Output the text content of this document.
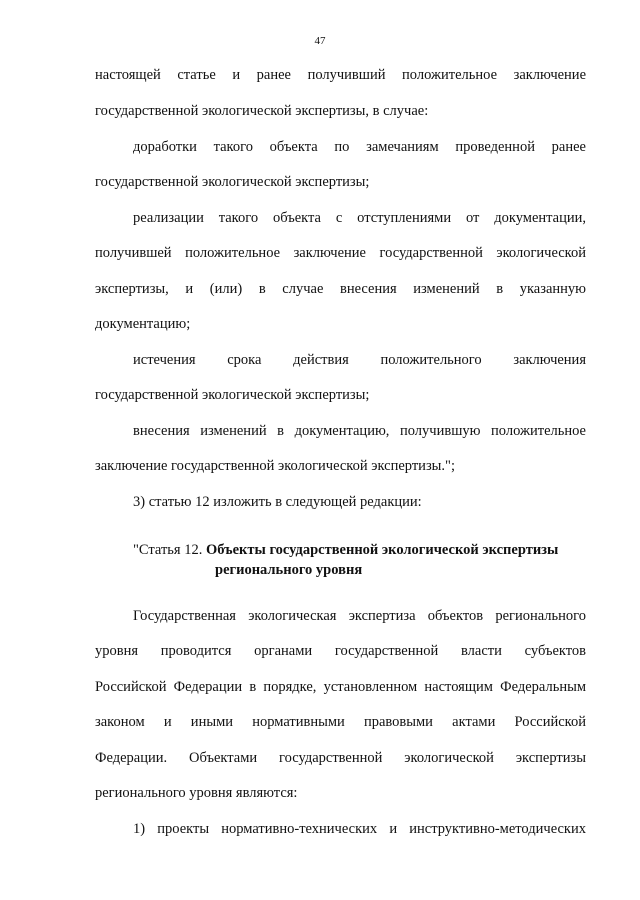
47
настоящей статье и ранее получивший положительное заключение
государственной экологической экспертизы, в случае:
доработки такого объекта по замечаниям проведенной ранее
государственной экологической экспертизы;
реализации такого объекта с отступлениями от документации,
получившей положительное заключение государственной экологической
экспертизы, и (или) в случае внесения изменений в указанную
документацию;
истечения срока действия положительного заключения
государственной экологической экспертизы;
внесения изменений в документацию, получившую положительное
заключение государственной экологической экспертизы.";
3) статью 12 изложить в следующей редакции:
"Статья 12. Объекты государственной экологической экспертизы
регионального уровня
Государственная экологическая экспертиза объектов регионального
уровня проводится органами государственной власти субъектов
Российской Федерации в порядке, установленном настоящим Федеральным
законом и иными нормативными правовыми актами Российской
Федерации. Объектами государственной экологической экспертизы
регионального уровня являются:
1) проекты нормативно-технических и инструктивно-методических
